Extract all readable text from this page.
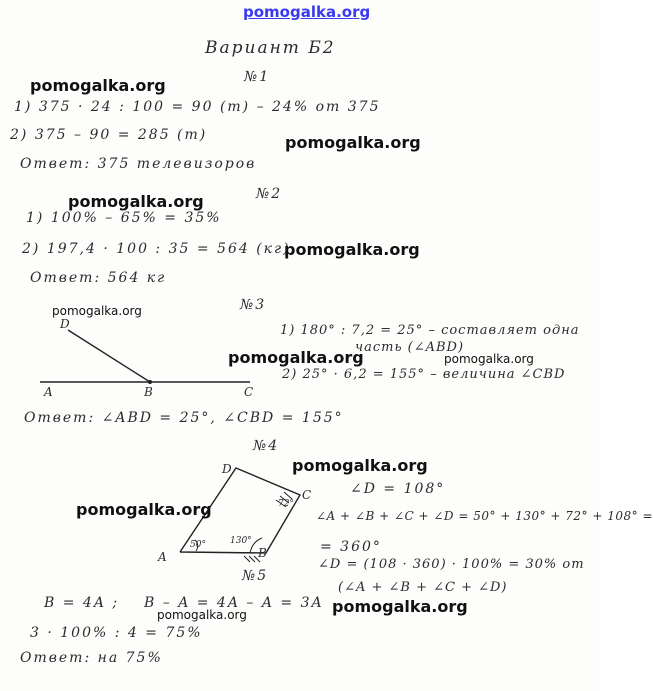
pomogalka.org
Вариант Б2
№1
pomogalka.org
1) 375 · 24 : 100 = 90 (т) – 24% от 375
2) 375 – 90 = 285 (т)	pomogalka.org
Ответ: 375 телевизоров
№2
pomogalka.org
1) 100% – 65% = 35%
2) 197,4 · 100 : 35 = 564 (кг)
pomogalka.org
Ответ: 564 кг
№3
pomogalka.org
D	1) 180° : 7,2 = 25° – составляет одна
часть (∠ABD)
pomogalka.org	pomogalka.org
2) 25° · 6,2 = 155° – величина ∠CBD
A	B	C
Ответ: ∠ABD = 25°, ∠CBD = 155°
№4
pomogalka.org
D
∠D = 108°
C
72°
pomogalka.org	∠A + ∠B + ∠C + ∠D = 50° + 130° + 72° + 108° =
130°
50°	= 360°
B
A	∠D = (108 · 360) · 100% = 30% от
(∠A + ∠B + ∠C + ∠D)
№5
pomogalka.org
B = 4A ; B – A = 4A – A = 3A
pomogalka.org
3 · 100% : 4 = 75%
Ответ: на 75%
